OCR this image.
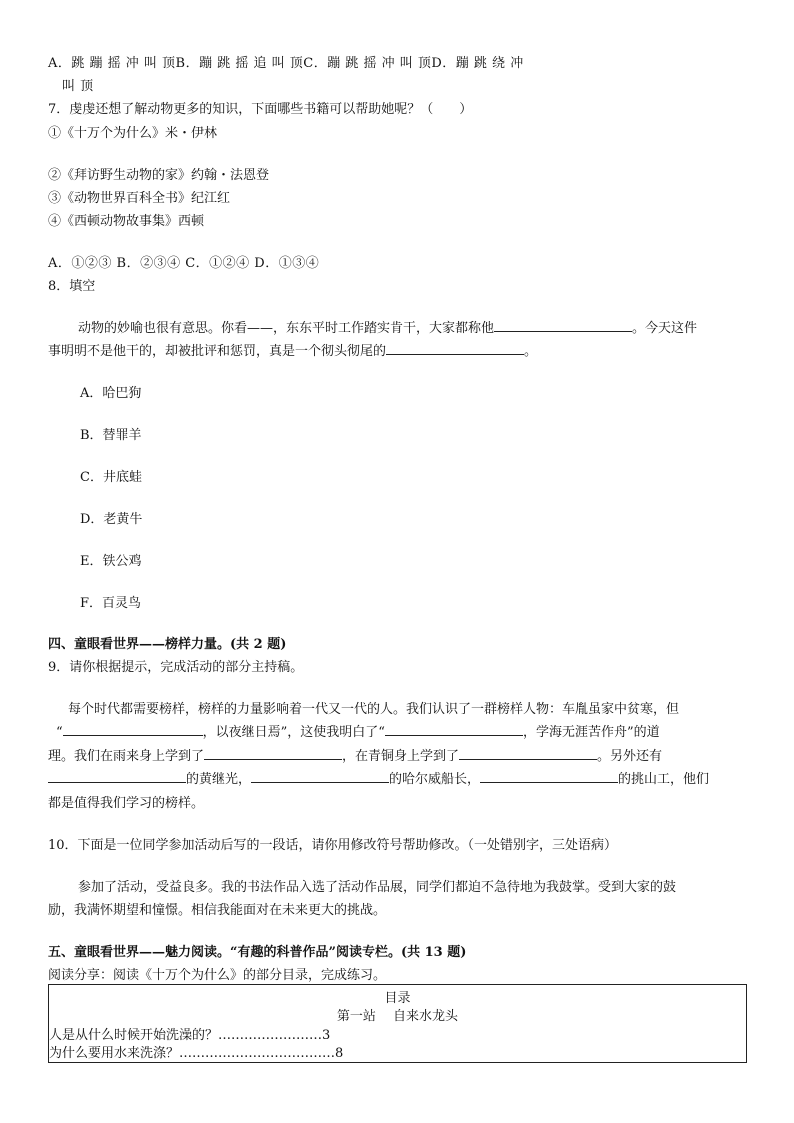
A．跳 蹦 摇 冲 叫 顶B．蹦 跳 摇 追 叫 顶C．蹦 跳 摇 冲 叫 顶D．蹦 跳 绕 冲
叫 顶
7．虔虔还想了解动物更多的知识，下面哪些书籍可以帮助她呢？（　　）
①《十万个为什么》米・伊林
②《拜访野生动物的家》约翰・法恩登
③《动物世界百科全书》纪江红
④《西顿动物故事集》西顿
A．①②③ B．②③④ C．①②④ D．①③④
8．填空
动物的妙喻也很有意思。你看——，东东平时工作踏实肯干，大家都称他	。今天这件
事明明不是他干的，却被批评和惩罚，真是一个彻头彻尾的	。
A．哈巴狗
B．替罪羊
C．井底蛙
D．老黄牛
E．铁公鸡
F．百灵鸟
四、童眼看世界——榜样力量。(共 2 题)
9．请你根据提示，完成活动的部分主持稿。
每个时代都需要榜样，榜样的力量影响着一代又一代的人。我们认识了一群榜样人物：车胤虽家中贫寒，但
“	，以夜继日焉”，这使我明白了“	，学海无涯苦作舟”的道
理。我们在雨来身上学到了	，在青铜身上学到了	。另外还有
的黄继光，	的哈尔威船长，	的挑山工，他们
都是值得我们学习的榜样。
10．下面是一位同学参加活动后写的一段话，请你用修改符号帮助修改。（一处错别字，三处语病）
参加了活动，受益良多。我的书法作品入选了活动作品展，同学们都迫不急待地为我鼓掌。受到大家的鼓
励，我满怀期望和憧憬。相信我能面对在未来更大的挑战。
五、童眼看世界——魅力阅读。“有趣的科普作品”阅读专栏。(共 13 题)
阅读分享：阅读《十万个为什么》的部分目录，完成练习。
目录
第一站　 自来水龙头
人是从什么时候开始洗澡的？……………………3
为什么要用水来洗涤？………………………………8
